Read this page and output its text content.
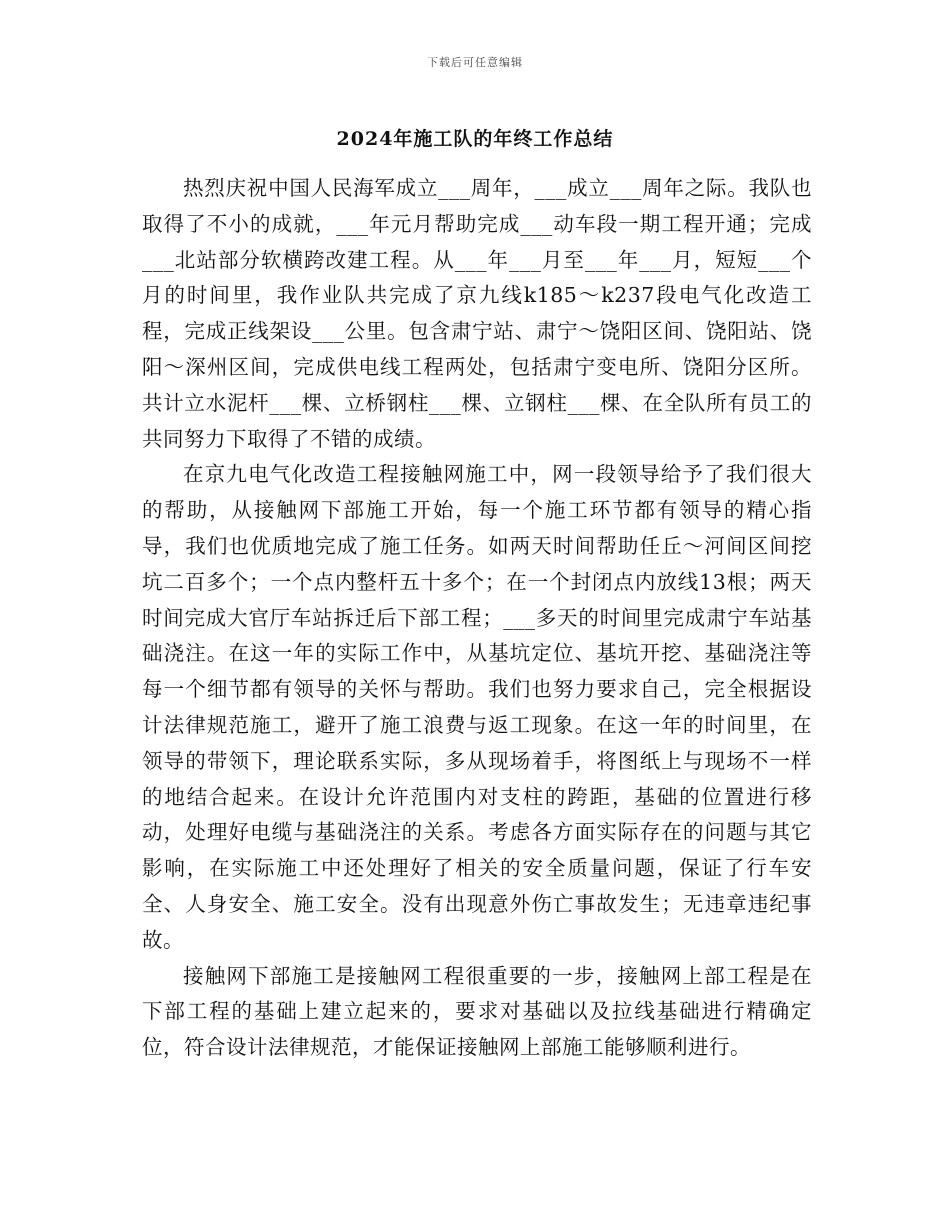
下载后可任意编辑
2024年施工队的年终工作总结

热烈庆祝中国人民海军成立___周年，___成立___周年之际。我队也取得了不小的成就，___年元月帮助完成___动车段一期工程开通；完成___北站部分软横跨改建工程。从___年___月至___年___月，短短___个月的时间里，我作业队共完成了京九线k185～k237段电气化改造工程，完成正线架设___公里。包含肃宁站、肃宁～饶阳区间、饶阳站、饶阳～深州区间，完成供电线工程两处，包括肃宁变电所、饶阳分区所。共计立水泥杆___棵、立桥钢柱___棵、立钢柱___棵、在全队所有员工的共同努力下取得了不错的成绩。

在京九电气化改造工程接触网施工中，网一段领导给予了我们很大的帮助，从接触网下部施工开始，每一个施工环节都有领导的精心指导，我们也优质地完成了施工任务。如两天时间帮助任丘～河间区间挖坑二百多个；一个点内整杆五十多个；在一个封闭点内放线13根；两天时间完成大官厅车站拆迁后下部工程；___多天的时间里完成肃宁车站基础浇注。在这一年的实际工作中，从基坑定位、基坑开挖、基础浇注等每一个细节都有领导的关怀与帮助。我们也努力要求自己，完全根据设计法律规范施工，避开了施工浪费与返工现象。在这一年的时间里，在领导的带领下，理论联系实际，多从现场着手，将图纸上与现场不一样的地结合起来。在设计允许范围内对支柱的跨距，基础的位置进行移动，处理好电缆与基础浇注的关系。考虑各方面实际存在的问题与其它影响，在实际施工中还处理好了相关的安全质量问题，保证了行车安全、人身安全、施工安全。没有出现意外伤亡事故发生；无违章违纪事故。

接触网下部施工是接触网工程很重要的一步，接触网上部工程是在下部工程的基础上建立起来的，要求对基础以及拉线基础进行精确定位，符合设计法律规范，才能保证接触网上部施工能够顺利进行。
